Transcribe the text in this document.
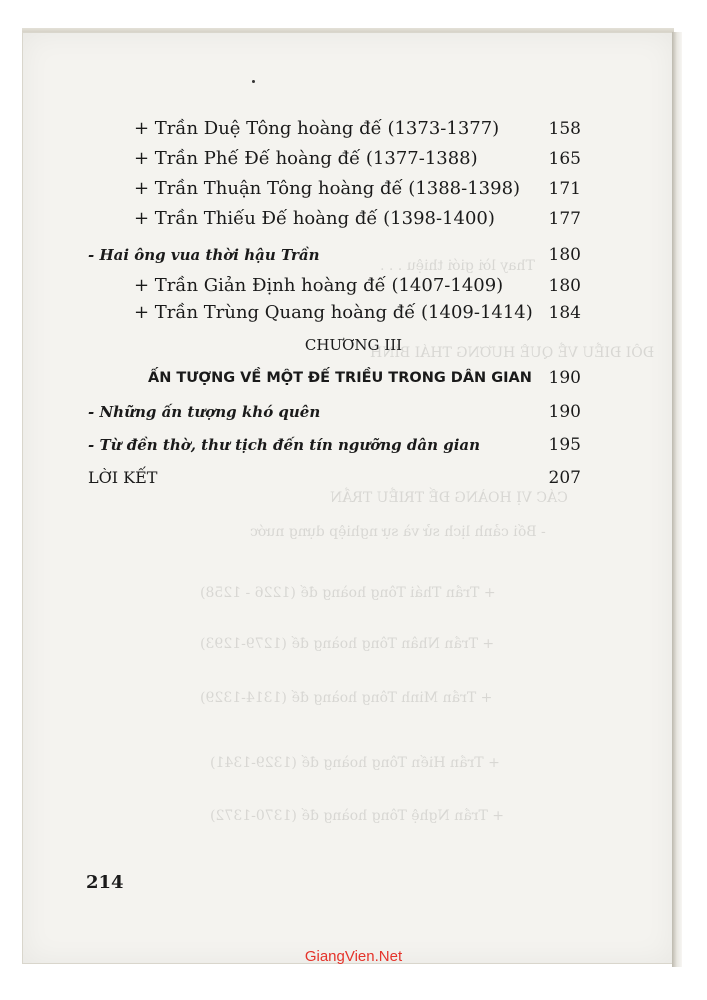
Thay lời giới thiệu . . .
ĐÔI ĐIỀU VỀ QUÊ HƯƠNG THÁI BÌNH
CÁC VỊ HOÀNG ĐẾ TRIỀU TRẦN
- Bối cảnh lịch sử và sự nghiệp dựng nước
+ Trần Thái Tông hoàng đế (1226 - 1258)
+ Trần Nhân Tông hoàng đế (1279-1293)
+ Trần Minh Tông hoàng đế (1314-1329)
+ Trần Hiến Tông hoàng đế (1329-1341)
+ Trần Nghệ Tông hoàng đế (1370-1372)
+ Trần Duệ Tông hoàng đế (1373-1377)	158
+ Trần Phế Đế hoàng đế (1377-1388)	165
+ Trần Thuận Tông hoàng đế (1388-1398) 171
+ Trần Thiếu Đế hoàng đế (1398-1400)	177
- Hai ông vua thời hậu Trần	180
+ Trần Giản Định hoàng đế (1407-1409)	180
+ Trần Trùng Quang hoàng đế (1409-1414) 184
CHƯƠNG III
ẤN TƯỢNG VỀ MỘT ĐẾ TRIỀU TRONG DÂN GIAN 190
- Những ấn tượng khó quên	190
- Từ đền thờ, thư tịch đến tín ngưỡng dân gian	195
LỜI KẾT	207
214
GiangVien.Net
